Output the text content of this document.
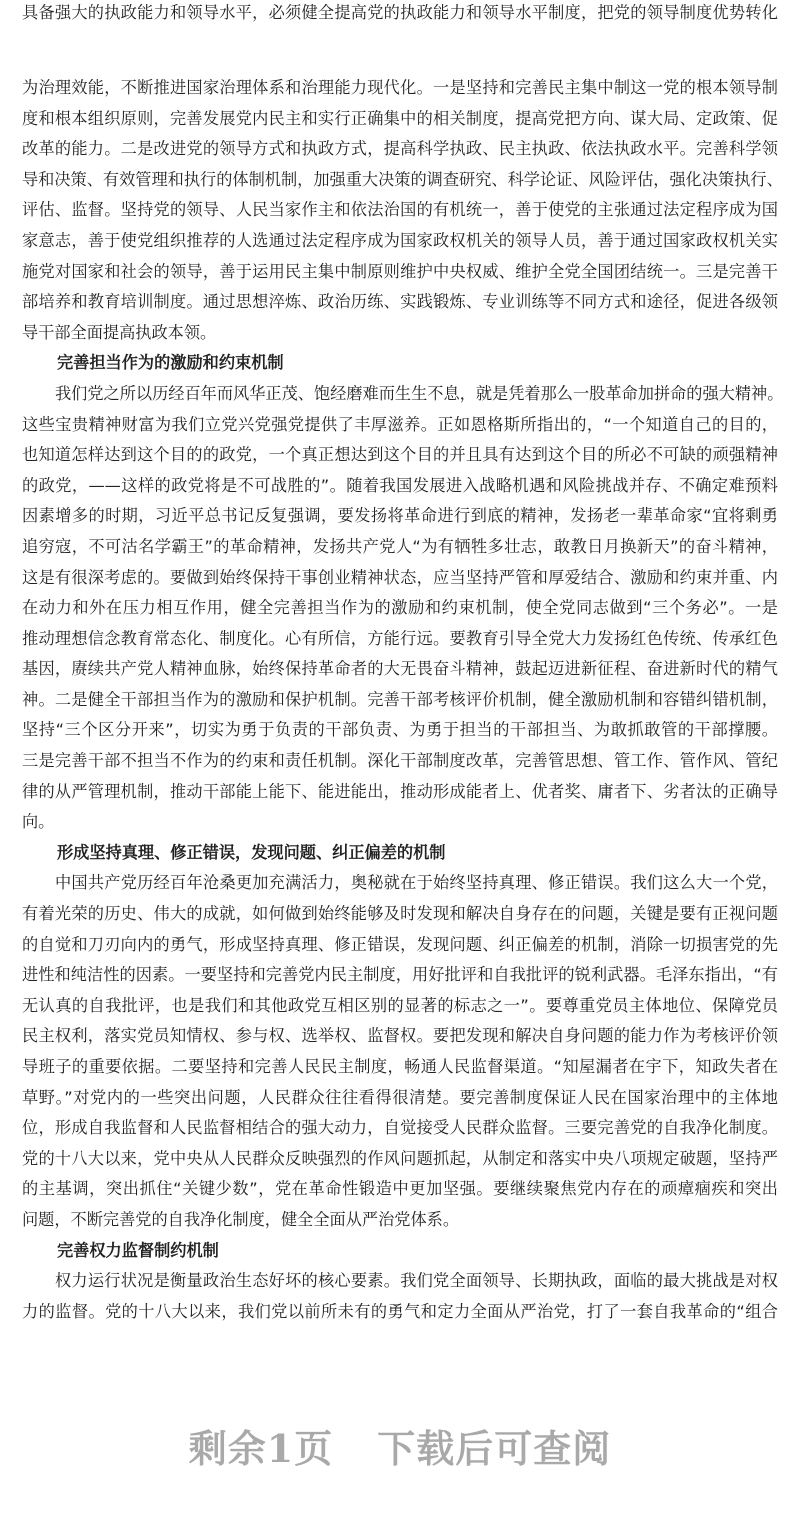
具备强大的执政能力和领导水平，必须健全提高党的执政能力和领导水平制度，把党的领导制度优势转化
为治理效能，不断推进国家治理体系和治理能力现代化。一是坚持和完善民主集中制这一党的根本领导制
度和根本组织原则，完善发展党内民主和实行正确集中的相关制度，提高党把方向、谋大局、定政策、促
改革的能力。二是改进党的领导方式和执政方式，提高科学执政、民主执政、依法执政水平。完善科学领
导和决策、有效管理和执行的体制机制，加强重大决策的调查研究、科学论证、风险评估，强化决策执行、
评估、监督。坚持党的领导、人民当家作主和依法治国的有机统一，善于使党的主张通过法定程序成为国
家意志，善于使党组织推荐的人选通过法定程序成为国家政权机关的领导人员，善于通过国家政权机关实
施党对国家和社会的领导，善于运用民主集中制原则维护中央权威、维护全党全国团结统一。三是完善干
部培养和教育培训制度。通过思想淬炼、政治历练、实践锻炼、专业训练等不同方式和途径，促进各级领
导干部全面提高执政本领。
完善担当作为的激励和约束机制
我们党之所以历经百年而风华正茂、饱经磨难而生生不息，就是凭着那么一股革命加拼命的强大精神。
这些宝贵精神财富为我们立党兴党强党提供了丰厚滋养。正如恩格斯所指出的，“一个知道自己的目的，
也知道怎样达到这个目的的政党，一个真正想达到这个目的并且具有达到这个目的所必不可缺的顽强精神
的政党，——这样的政党将是不可战胜的”。随着我国发展进入战略机遇和风险挑战并存、不确定难预料
因素增多的时期，习近平总书记反复强调，要发扬将革命进行到底的精神，发扬老一辈革命家“宜将剩勇
追穷寇，不可沽名学霸王”的革命精神，发扬共产党人“为有牺牲多壮志，敢教日月换新天”的奋斗精神，
这是有很深考虑的。要做到始终保持干事创业精神状态，应当坚持严管和厚爱结合、激励和约束并重、内
在动力和外在压力相互作用，健全完善担当作为的激励和约束机制，使全党同志做到“三个务必”。一是
推动理想信念教育常态化、制度化。心有所信，方能行远。要教育引导全党大力发扬红色传统、传承红色
基因，赓续共产党人精神血脉，始终保持革命者的大无畏奋斗精神，鼓起迈进新征程、奋进新时代的精气
神。二是健全干部担当作为的激励和保护机制。完善干部考核评价机制，健全激励机制和容错纠错机制，
坚持“三个区分开来”，切实为勇于负责的干部负责、为勇于担当的干部担当、为敢抓敢管的干部撑腰。
三是完善干部不担当不作为的约束和责任机制。深化干部制度改革，完善管思想、管工作、管作风、管纪
律的从严管理机制，推动干部能上能下、能进能出，推动形成能者上、优者奖、庸者下、劣者汰的正确导
向。
形成坚持真理、修正错误，发现问题、纠正偏差的机制
中国共产党历经百年沧桑更加充满活力，奥秘就在于始终坚持真理、修正错误。我们这么大一个党，
有着光荣的历史、伟大的成就，如何做到始终能够及时发现和解决自身存在的问题，关键是要有正视问题
的自觉和刀刃向内的勇气，形成坚持真理、修正错误，发现问题、纠正偏差的机制，消除一切损害党的先
进性和纯洁性的因素。一要坚持和完善党内民主制度，用好批评和自我批评的锐利武器。毛泽东指出，“有
无认真的自我批评，也是我们和其他政党互相区别的显著的标志之一”。要尊重党员主体地位、保障党员
民主权利，落实党员知情权、参与权、选举权、监督权。要把发现和解决自身问题的能力作为考核评价领
导班子的重要依据。二要坚持和完善人民民主制度，畅通人民监督渠道。“知屋漏者在宇下，知政失者在
草野。”对党内的一些突出问题，人民群众往往看得很清楚。要完善制度保证人民在国家治理中的主体地
位，形成自我监督和人民监督相结合的强大动力，自觉接受人民群众监督。三要完善党的自我净化制度。
党的十八大以来，党中央从人民群众反映强烈的作风问题抓起，从制定和落实中央八项规定破题，坚持严
的主基调，突出抓住“关键少数”，党在革命性锻造中更加坚强。要继续聚焦党内存在的顽瘴痼疾和突出
问题，不断完善党的自我净化制度，健全全面从严治党体系。
完善权力监督制约机制
权力运行状况是衡量政治生态好坏的核心要素。我们党全面领导、长期执政，面临的最大挑战是对权
力的监督。党的十八大以来，我们党以前所未有的勇气和定力全面从严治党，打了一套自我革命的“组合
剩余1页 下载后可查阅
